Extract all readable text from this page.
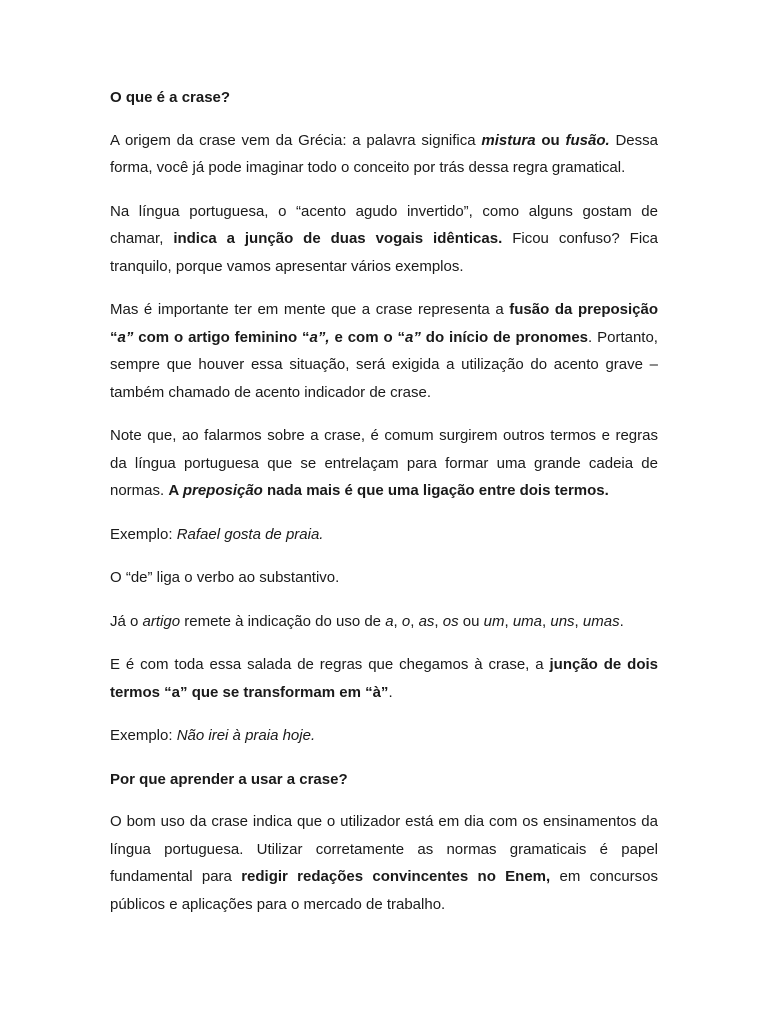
O que é a crase?

A origem da crase vem da Grécia: a palavra significa mistura ou fusão. Dessa forma, você já pode imaginar todo o conceito por trás dessa regra gramatical.

Na língua portuguesa, o “acento agudo invertido”, como alguns gostam de chamar, indica a junção de duas vogais idênticas. Ficou confuso? Fica tranquilo, porque vamos apresentar vários exemplos.

Mas é importante ter em mente que a crase representa a fusão da preposição “a” com o artigo feminino “a”, e com o “a” do início de pronomes. Portanto, sempre que houver essa situação, será exigida a utilização do acento grave – também chamado de acento indicador de crase.

Note que, ao falarmos sobre a crase, é comum surgirem outros termos e regras da língua portuguesa que se entrelaçam para formar uma grande cadeia de normas. A preposição nada mais é que uma ligação entre dois termos.

Exemplo: Rafael gosta de praia.

O “de” liga o verbo ao substantivo.

Já o artigo remete à indicação do uso de a, o, as, os ou um, uma, uns, umas.

E é com toda essa salada de regras que chegamos à crase, a junção de dois termos “a” que se transformam em “à”.

Exemplo: Não irei à praia hoje.

Por que aprender a usar a crase?

O bom uso da crase indica que o utilizador está em dia com os ensinamentos da língua portuguesa. Utilizar corretamente as normas gramaticais é papel fundamental para redigir redações convincentes no Enem, em concursos públicos e aplicações para o mercado de trabalho.
